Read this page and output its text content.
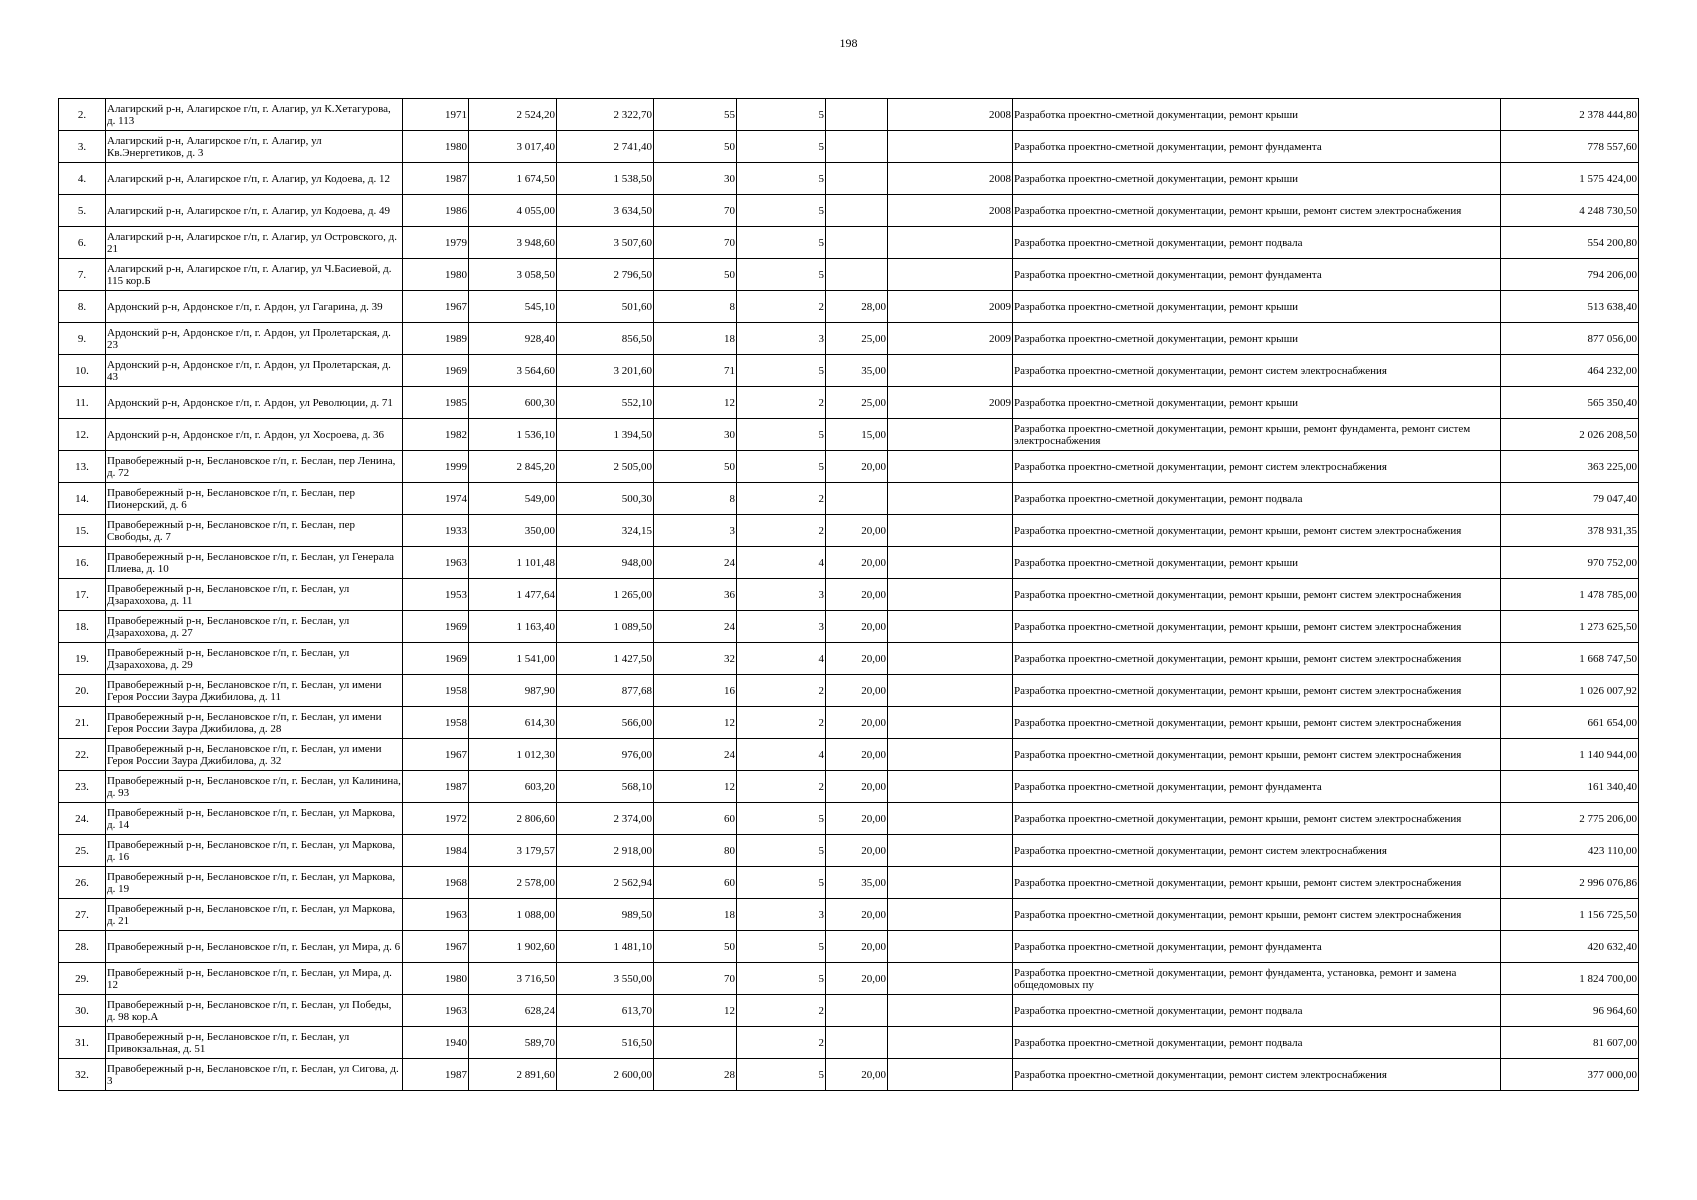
198
2.	Алагирский р-н, Алагирское г/п, г. Алагир, ул К.Хетагурова, д. 113	1971	2 524,20	2 322,70	55	5		2008	Разработка проектно-сметной документации, ремонт крыши	2 378 444,80
3.	Алагирский р-н, Алагирское г/п, г. Алагир, ул Кв.Энергетиков, д. 3	1980	3 017,40	2 741,40	50	5			Разработка проектно-сметной документации, ремонт фундамента	778 557,60
4.	Алагирский р-н, Алагирское г/п, г. Алагир, ул Кодоева, д. 12	1987	1 674,50	1 538,50	30	5		2008	Разработка проектно-сметной документации, ремонт крыши	1 575 424,00
5.	Алагирский р-н, Алагирское г/п, г. Алагир, ул Кодоева, д. 49	1986	4 055,00	3 634,50	70	5		2008	Разработка проектно-сметной документации, ремонт крыши, ремонт систем электроснабжения	4 248 730,50
6.	Алагирский р-н, Алагирское г/п, г. Алагир, ул Островского, д. 21	1979	3 948,60	3 507,60	70	5			Разработка проектно-сметной документации, ремонт подвала	554 200,80
7.	Алагирский р-н, Алагирское г/п, г. Алагир, ул Ч.Басиевой, д. 115 кор.Б	1980	3 058,50	2 796,50	50	5			Разработка проектно-сметной документации, ремонт фундамента	794 206,00
8.	Ардонский р-н, Ардонское г/п, г. Ардон, ул Гагарина, д. 39	1967	545,10	501,60	8	2	28,00	2009	Разработка проектно-сметной документации, ремонт крыши	513 638,40
9.	Ардонский р-н, Ардонское г/п, г. Ардон, ул Пролетарская, д. 23	1989	928,40	856,50	18	3	25,00	2009	Разработка проектно-сметной документации, ремонт крыши	877 056,00
10.	Ардонский р-н, Ардонское г/п, г. Ардон, ул Пролетарская, д. 43	1969	3 564,60	3 201,60	71	5	35,00		Разработка проектно-сметной документации, ремонт систем электроснабжения	464 232,00
11.	Ардонский р-н, Ардонское г/п, г. Ардон, ул Революции, д. 71	1985	600,30	552,10	12	2	25,00	2009	Разработка проектно-сметной документации, ремонт крыши	565 350,40
12.	Ардонский р-н, Ардонское г/п, г. Ардон, ул Хосроева, д. 36	1982	1 536,10	1 394,50	30	5	15,00		Разработка проектно-сметной документации, ремонт крыши, ремонт фундамента, ремонт систем электроснабжения	2 026 208,50
13.	Правобережный р-н, Беслановское г/п, г. Беслан, пер Ленина, д. 72	1999	2 845,20	2 505,00	50	5	20,00		Разработка проектно-сметной документации, ремонт систем электроснабжения	363 225,00
14.	Правобережный р-н, Беслановское г/п, г. Беслан, пер Пионерский, д. 6	1974	549,00	500,30	8	2			Разработка проектно-сметной документации, ремонт подвала	79 047,40
15.	Правобережный р-н, Беслановское г/п, г. Беслан, пер Свободы, д. 7	1933	350,00	324,15	3	2	20,00		Разработка проектно-сметной документации, ремонт крыши, ремонт систем электроснабжения	378 931,35
16.	Правобережный р-н, Беслановское г/п, г. Беслан, ул Генерала Плиева, д. 10	1963	1 101,48	948,00	24	4	20,00		Разработка проектно-сметной документации, ремонт крыши	970 752,00
17.	Правобережный р-н, Беслановское г/п, г. Беслан, ул Дзарахохова, д. 11	1953	1 477,64	1 265,00	36	3	20,00		Разработка проектно-сметной документации, ремонт крыши, ремонт систем электроснабжения	1 478 785,00
18.	Правобережный р-н, Беслановское г/п, г. Беслан, ул Дзарахохова, д. 27	1969	1 163,40	1 089,50	24	3	20,00		Разработка проектно-сметной документации, ремонт крыши, ремонт систем электроснабжения	1 273 625,50
19.	Правобережный р-н, Беслановское г/п, г. Беслан, ул Дзарахохова, д. 29	1969	1 541,00	1 427,50	32	4	20,00		Разработка проектно-сметной документации, ремонт крыши, ремонт систем электроснабжения	1 668 747,50
20.	Правобережный р-н, Беслановское г/п, г. Беслан, ул имени Героя России Заура Джибилова, д. 11	1958	987,90	877,68	16	2	20,00		Разработка проектно-сметной документации, ремонт крыши, ремонт систем электроснабжения	1 026 007,92
21.	Правобережный р-н, Беслановское г/п, г. Беслан, ул имени Героя России Заура Джибилова, д. 28	1958	614,30	566,00	12	2	20,00		Разработка проектно-сметной документации, ремонт крыши, ремонт систем электроснабжения	661 654,00
22.	Правобережный р-н, Беслановское г/п, г. Беслан, ул имени Героя России Заура Джибилова, д. 32	1967	1 012,30	976,00	24	4	20,00		Разработка проектно-сметной документации, ремонт крыши, ремонт систем электроснабжения	1 140 944,00
23.	Правобережный р-н, Беслановское г/п, г. Беслан, ул Калинина, д. 93	1987	603,20	568,10	12	2	20,00		Разработка проектно-сметной документации, ремонт фундамента	161 340,40
24.	Правобережный р-н, Беслановское г/п, г. Беслан, ул Маркова, д. 14	1972	2 806,60	2 374,00	60	5	20,00		Разработка проектно-сметной документации, ремонт крыши, ремонт систем электроснабжения	2 775 206,00
25.	Правобережный р-н, Беслановское г/п, г. Беслан, ул Маркова, д. 16	1984	3 179,57	2 918,00	80	5	20,00		Разработка проектно-сметной документации, ремонт систем электроснабжения	423 110,00
26.	Правобережный р-н, Беслановское г/п, г. Беслан, ул Маркова, д. 19	1968	2 578,00	2 562,94	60	5	35,00		Разработка проектно-сметной документации, ремонт крыши, ремонт систем электроснабжения	2 996 076,86
27.	Правобережный р-н, Беслановское г/п, г. Беслан, ул Маркова, д. 21	1963	1 088,00	989,50	18	3	20,00		Разработка проектно-сметной документации, ремонт крыши, ремонт систем электроснабжения	1 156 725,50
28.	Правобережный р-н, Беслановское г/п, г. Беслан, ул Мира, д. 6	1967	1 902,60	1 481,10	50	5	20,00		Разработка проектно-сметной документации, ремонт фундамента	420 632,40
29.	Правобережный р-н, Беслановское г/п, г. Беслан, ул Мира, д. 12	1980	3 716,50	3 550,00	70	5	20,00		Разработка проектно-сметной документации, ремонт фундамента, установка, ремонт и замена общедомовых пу	1 824 700,00
30.	Правобережный р-н, Беслановское г/п, г. Беслан, ул Победы, д. 98 кор.А	1963	628,24	613,70	12	2			Разработка проектно-сметной документации, ремонт подвала	96 964,60
31.	Правобережный р-н, Беслановское г/п, г. Беслан, ул Привокзальная, д. 51	1940	589,70	516,50		2			Разработка проектно-сметной документации, ремонт подвала	81 607,00
32.	Правобережный р-н, Беслановское г/п, г. Беслан, ул Сигова, д. 3	1987	2 891,60	2 600,00	28	5	20,00		Разработка проектно-сметной документации, ремонт систем электроснабжения	377 000,00
